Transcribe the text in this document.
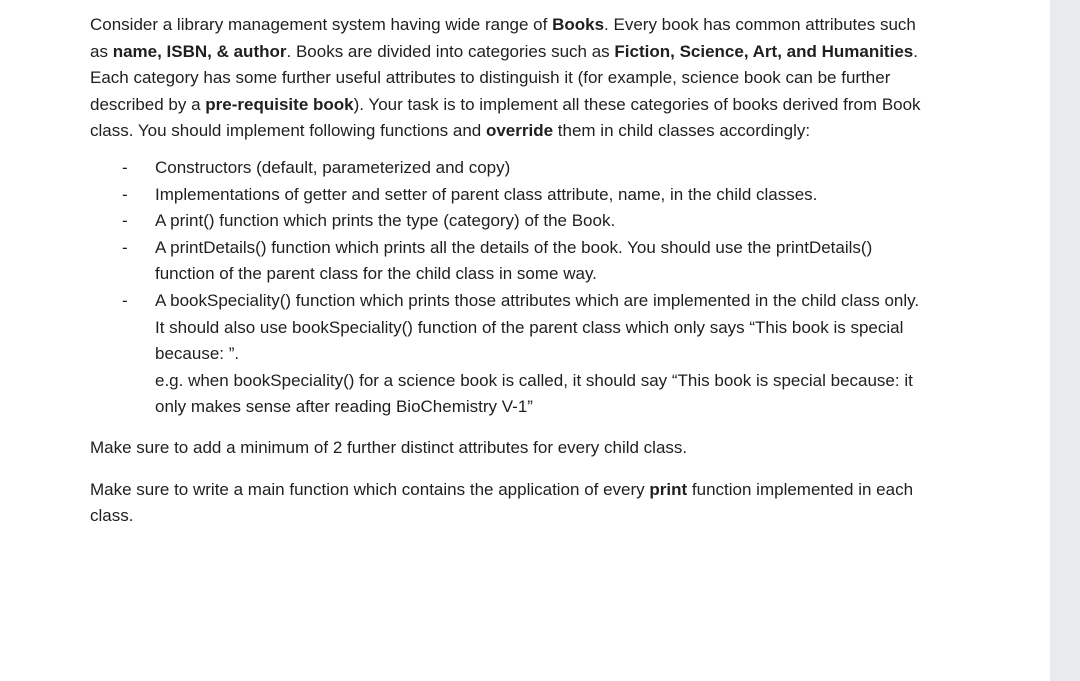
Consider a library management system having wide range of Books. Every book has common attributes such as name, ISBN, & author. Books are divided into categories such as Fiction, Science, Art, and Humanities. Each category has some further useful attributes to distinguish it (for example, science book can be further described by a pre-requisite book). Your task is to implement all these categories of books derived from Book class. You should implement following functions and override them in child classes accordingly:

- Constructors (default, parameterized and copy)
- Implementations of getter and setter of parent class attribute, name, in the child classes.
- A print() function which prints the type (category) of the Book.
- A printDetails() function which prints all the details of the book. You should use the printDetails() function of the parent class for the child class in some way.
- A bookSpeciality() function which prints those attributes which are implemented in the child class only. It should also use bookSpeciality() function of the parent class which only says “This book is special because: ”.

e.g. when bookSpeciality() for a science book is called, it should say “This book is special because: it only makes sense after reading BioChemistry V-1”

Make sure to add a minimum of 2 further distinct attributes for every child class.

Make sure to write a main function which contains the application of every print function implemented in each class.
